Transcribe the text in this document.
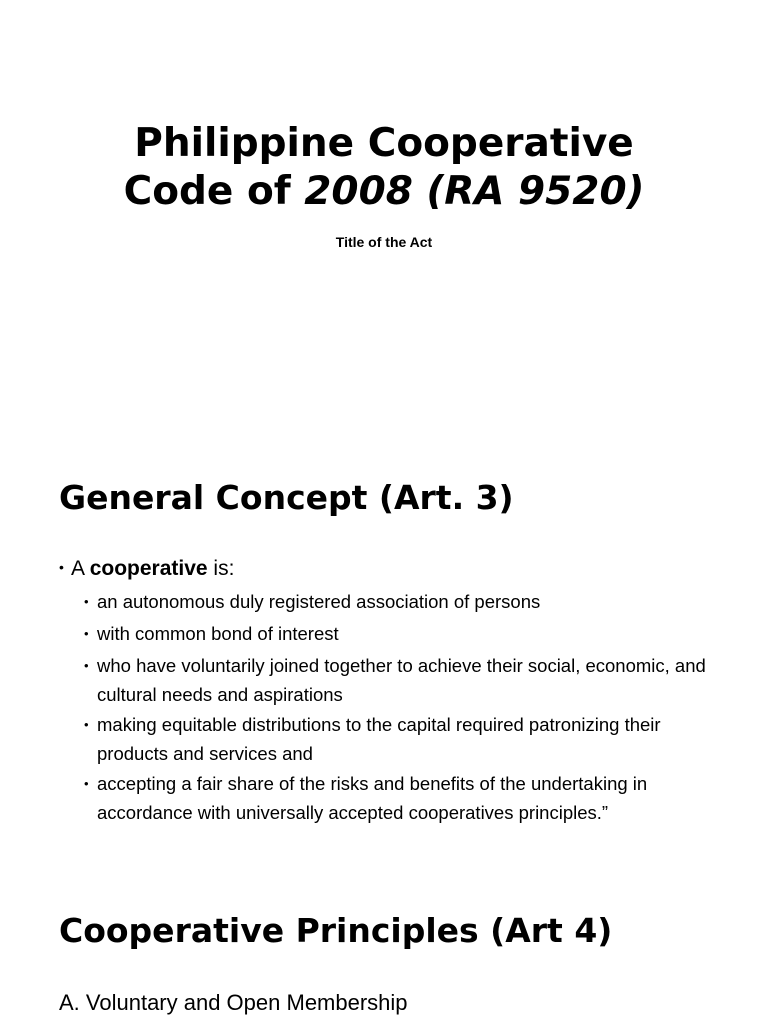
Philippine Cooperative
Code of 2008 (RA 9520)
Title of the Act
General Concept (Art. 3)
• A cooperative is:
• an autonomous duly registered association of persons
• with common bond of interest
• who have voluntarily joined together to achieve their social, economic, and cultural needs and aspirations
• making equitable distributions to the capital required patronizing their products and services and
• accepting a fair share of the risks and benefits of the undertaking in accordance with universally accepted cooperatives principles.”
Cooperative Principles (Art 4)
A. Voluntary and Open Membership
